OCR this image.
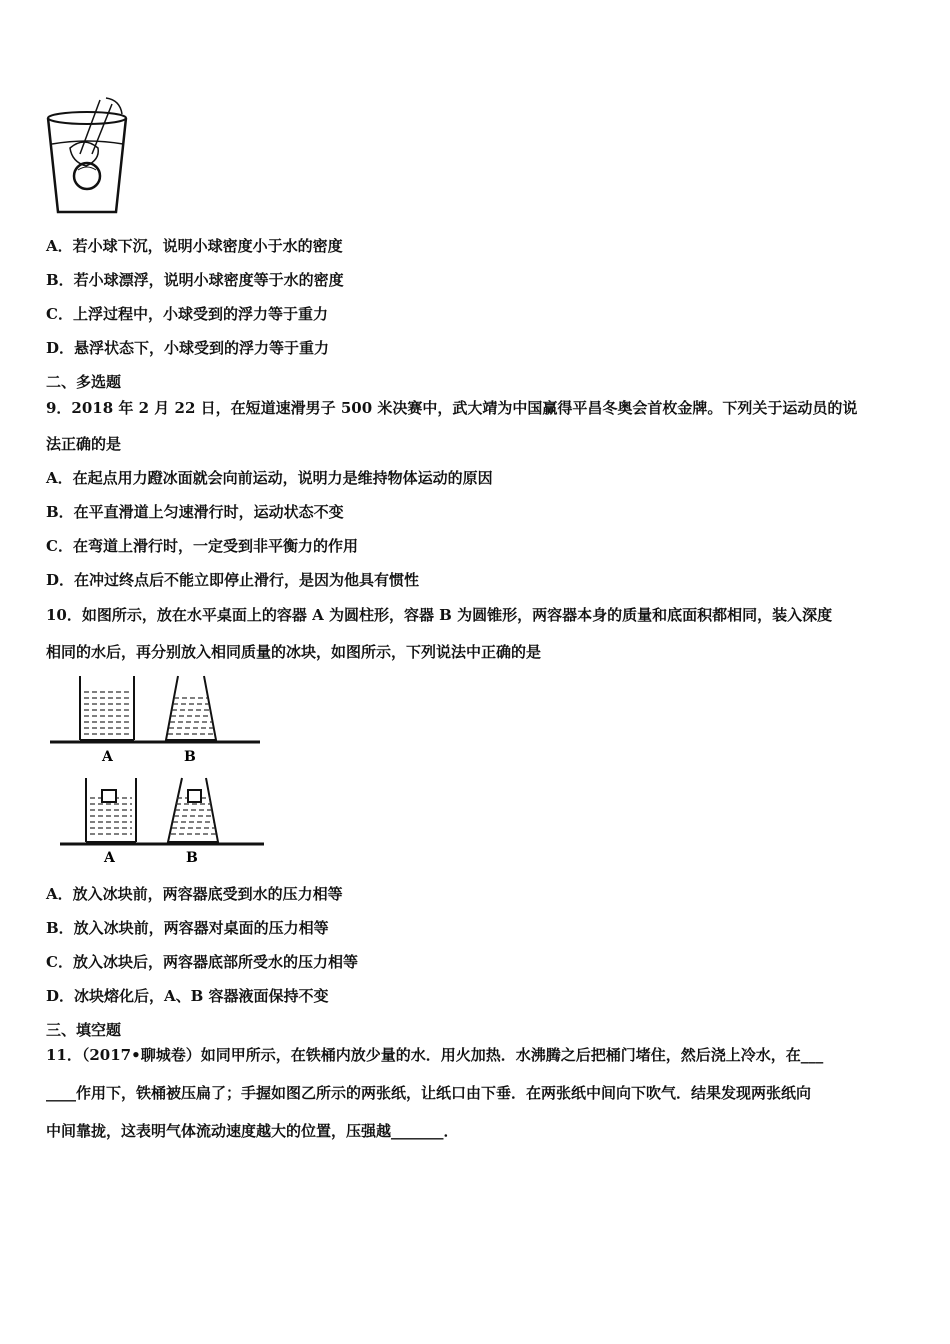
A．若小球下沉，说明小球密度小于水的密度
B．若小球漂浮，说明小球密度等于水的密度
C．上浮过程中，小球受到的浮力等于重力
D．悬浮状态下，小球受到的浮力等于重力
二、多选题
9．2018 年 2 月 22 日，在短道速滑男子 500 米决赛中，武大靖为中国赢得平昌冬奥会首枚金牌。下列关于运动员的说
法正确的是
A．在起点用力蹬冰面就会向前运动，说明力是维持物体运动的原因
B．在平直滑道上匀速滑行时，运动状态不变
C．在弯道上滑行时，一定受到非平衡力的作用
D．在冲过终点后不能立即停止滑行，是因为他具有惯性
10．如图所示，放在水平桌面上的容器 A 为圆柱形，容器 B 为圆锥形，两容器本身的质量和底面积都相同，装入深度
相同的水后，再分别放入相同质量的冰块，如图所示，下列说法中正确的是
A	B
A	B
A．放入冰块前，两容器底受到水的压力相等
B．放入冰块前，两容器对桌面的压力相等
C．放入冰块后，两容器底部所受水的压力相等
D．冰块熔化后，A、B 容器液面保持不变
三、填空题
11．（2017•聊城卷）如同甲所示，在铁桶内放少量的水．用火加热．水沸腾之后把桶门堵住，然后浇上冷水，在___
____作用下，铁桶被压扁了；手握如图乙所示的两张纸，让纸口由下垂．在两张纸中间向下吹气．结果发现两张纸向
中间靠拢，这表明气体流动速度越大的位置，压强越_______．
